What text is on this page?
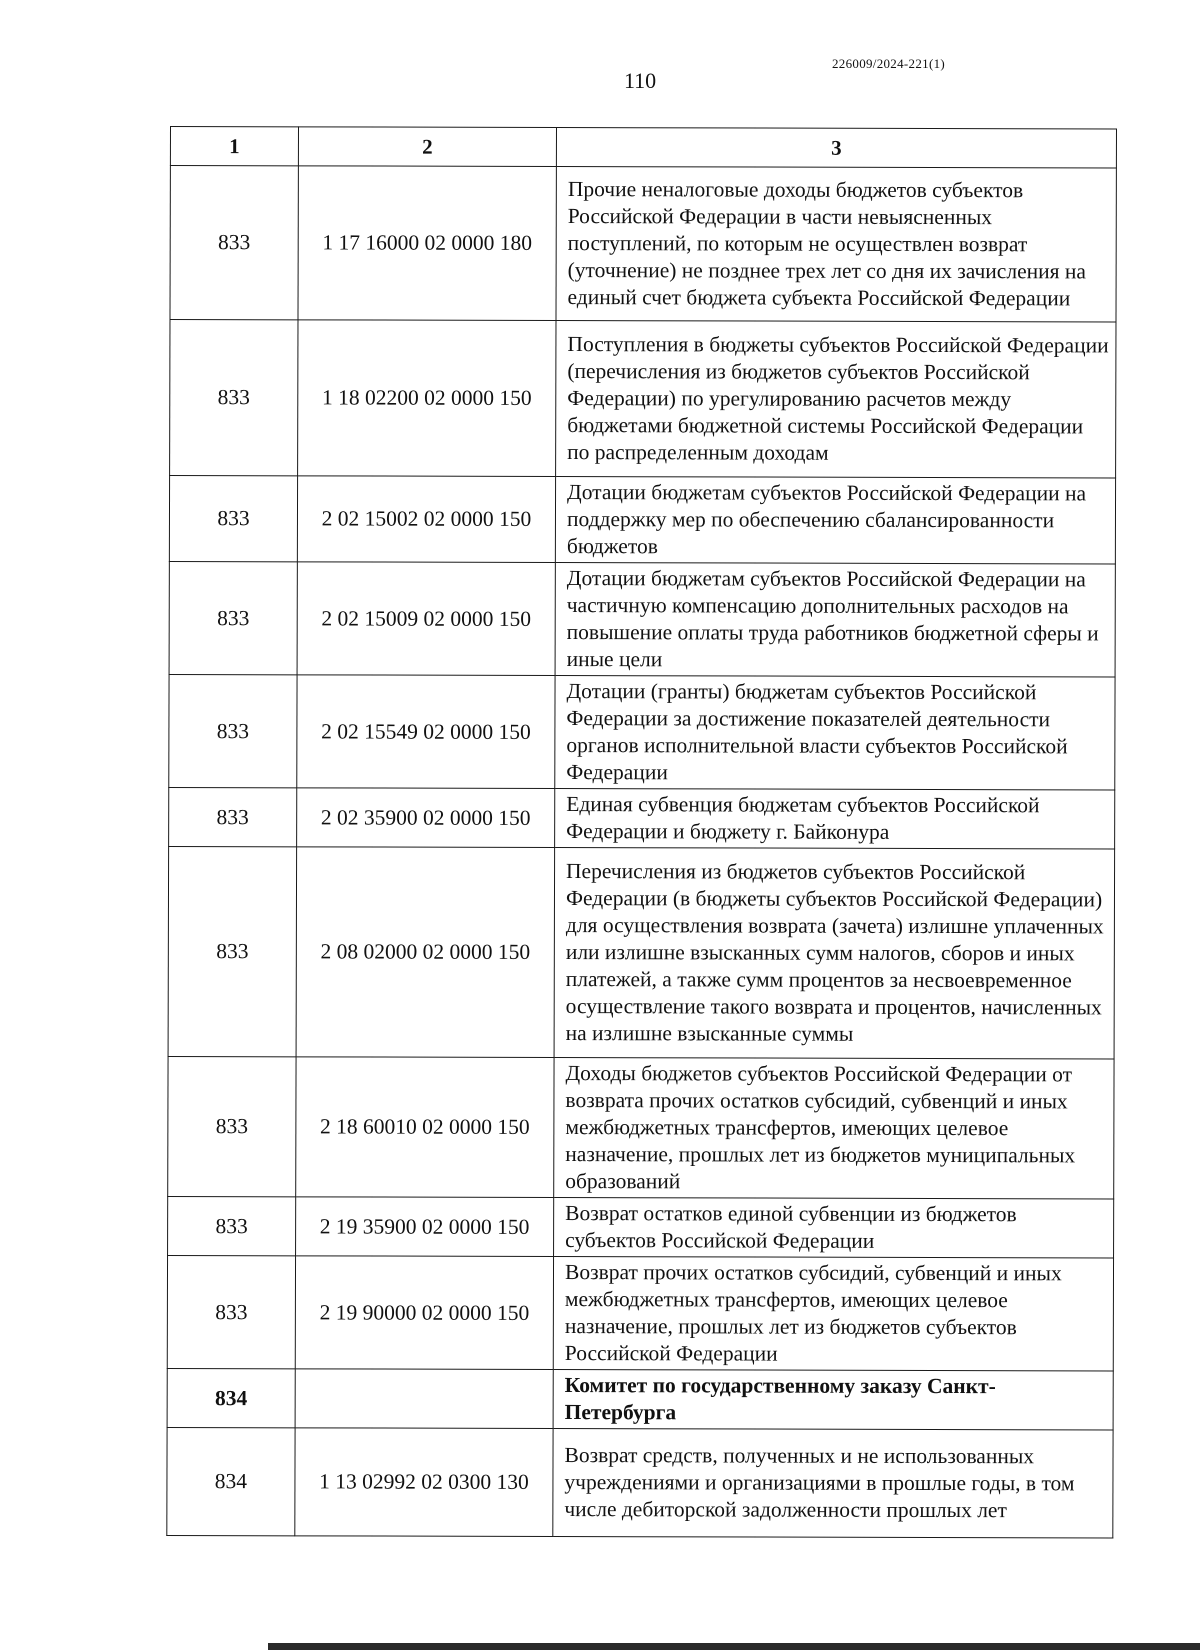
226009/2024-221(1)
110
1	2	3
833	1 17 16000 02 0000 180	Прочие неналоговые доходы бюджетов субъектов Российской Федерации в части невыясненных поступлений, по которым не осуществлен возврат (уточнение) не позднее трех лет со дня их зачисления на единый счет бюджета субъекта Российской Федерации
833	1 18 02200 02 0000 150	Поступления в бюджеты субъектов Российской Федерации (перечисления из бюджетов субъектов Российской Федерации) по урегулированию расчетов между бюджетами бюджетной системы Российской Федерации по распределенным доходам
833	2 02 15002 02 0000 150	Дотации бюджетам субъектов Российской Федерации на поддержку мер по обеспечению сбалансированности бюджетов
833	2 02 15009 02 0000 150	Дотации бюджетам субъектов Российской Федерации на частичную компенсацию дополнительных расходов на повышение оплаты труда работников бюджетной сферы и иные цели
833	2 02 15549 02 0000 150	Дотации (гранты) бюджетам субъектов Российской Федерации за достижение показателей деятельности органов исполнительной власти субъектов Российской Федерации
833	2 02 35900 02 0000 150	Единая субвенция бюджетам субъектов Российской Федерации и бюджету г. Байконура
833	2 08 02000 02 0000 150	Перечисления из бюджетов субъектов Российской Федерации (в бюджеты субъектов Российской Федерации) для осуществления возврата (зачета) излишне уплаченных или излишне взысканных сумм налогов, сборов и иных платежей, а также сумм процентов за несвоевременное осуществление такого возврата и процентов, начисленных на излишне взысканные суммы
833	2 18 60010 02 0000 150	Доходы бюджетов субъектов Российской Федерации от возврата прочих остатков субсидий, субвенций и иных межбюджетных трансфертов, имеющих целевое назначение, прошлых лет из бюджетов муниципальных образований
833	2 19 35900 02 0000 150	Возврат остатков единой субвенции из бюджетов субъектов Российской Федерации
833	2 19 90000 02 0000 150	Возврат прочих остатков субсидий, субвенций и иных межбюджетных трансфертов, имеющих целевое назначение, прошлых лет из бюджетов субъектов Российской Федерации
834		Комитет по государственному заказу Санкт-Петербурга
834	1 13 02992 02 0300 130	Возврат средств, полученных и не использованных учреждениями и организациями в прошлые годы, в том числе дебиторской задолженности прошлых лет
